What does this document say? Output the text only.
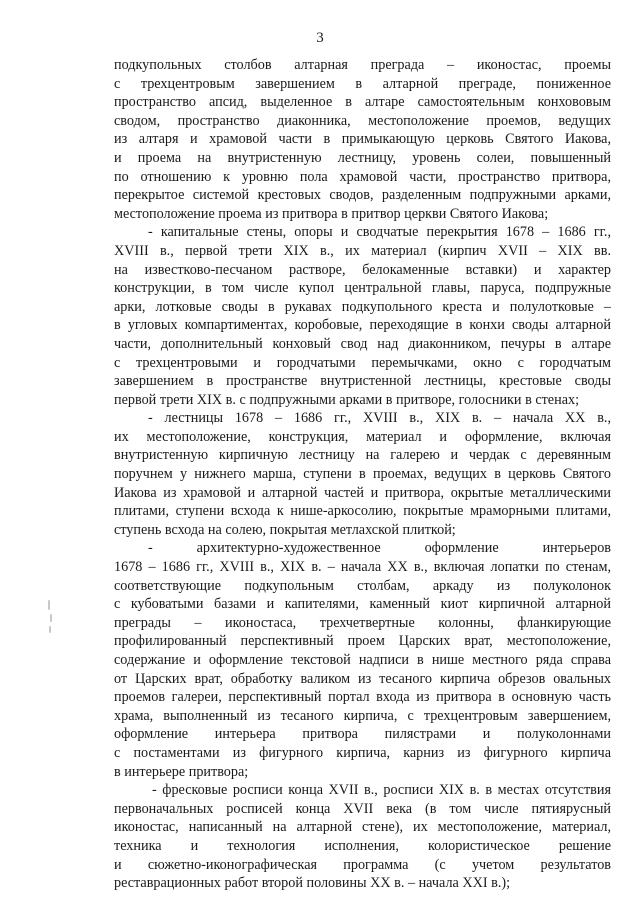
3
подкупольных столбов алтарная преграда – иконостас, проемы
с трехцентровым завершением в алтарной преграде, пониженное
пространство апсид, выделенное в алтаре самостоятельным конхововым
сводом, пространство диаконника, местоположение проемов, ведущих
из алтаря и храмовой части в примыкающую церковь Святого Иакова,
и проема на внутристенную лестницу, уровень солеи, повышенный
по отношению к уровню пола храмовой части, пространство притвора,
перекрытое системой крестовых сводов, разделенным подпружными арками,
местоположение проема из притвора в притвор церкви Святого Иакова;
- капитальные стены, опоры и сводчатые перекрытия 1678 – 1686 гг.,
XVIII в., первой трети XIX в., их материал (кирпич XVII – XIX вв.
на известково-песчаном растворе, белокаменные вставки) и характер
конструкции, в том числе купол центральной главы, паруса, подпружные
арки, лотковые своды в рукавах подкупольного креста и полулотковые –
в угловых компартиментах, коробовые, переходящие в конхи своды алтарной
части, дополнительный конховый свод над диаконником, печуры в алтаре
с трехцентровыми и городчатыми перемычками, окно с городчатым
завершением в пространстве внутристенной лестницы, крестовые своды
первой трети XIX в. с подпружными арками в притворе, голосники в стенах;
- лестницы 1678 – 1686 гг., XVIII в., XIX в. – начала XX в.,
их местоположение, конструкция, материал и оформление, включая
внутристенную кирпичную лестницу на галерею и чердак с деревянным
поручнем у нижнего марша, ступени в проемах, ведущих в церковь Святого
Иакова из храмовой и алтарной частей и притвора, окрытые металлическими
плитами, ступени всхода к нише-аркосолию, покрытые мраморными плитами,
ступень всхода на солею, покрытая метлахской плиткой;
- архитектурно-художественное оформление интерьеров
1678 – 1686 гг., XVIII в., XIX в. – начала XX в., включая лопатки по стенам,
соответствующие подкупольным столбам, аркаду из полуколонок
с кубоватыми базами и капителями, каменный киот кирпичной алтарной
преграды – иконостаса, трехчетвертные колонны, фланкирующие
профилированный перспективный проем Царских врат, местоположение,
содержание и оформление текстовой надписи в нише местного ряда справа
от Царских врат, обработку валиком из тесаного кирпича обрезов овальных
проемов галереи, перспективный портал входа из притвора в основную часть
храма, выполненный из тесаного кирпича, с трехцентровым завершением,
оформление интерьера притвора пилястрами и полуколоннами
с постаментами из фигурного кирпича, карниз из фигурного кирпича
в интерьере притвора;
- фресковые росписи конца XVII в., росписи XIX в. в местах отсутствия
первоначальных росписей конца XVII века (в том числе пятиярусный
иконостас, написанный на алтарной стене), их местоположение, материал,
техника и технология исполнения, колористическое решение
и сюжетно-иконографическая программа (с учетом результатов
реставрационных работ второй половины XX в. – начала XXI в.);
